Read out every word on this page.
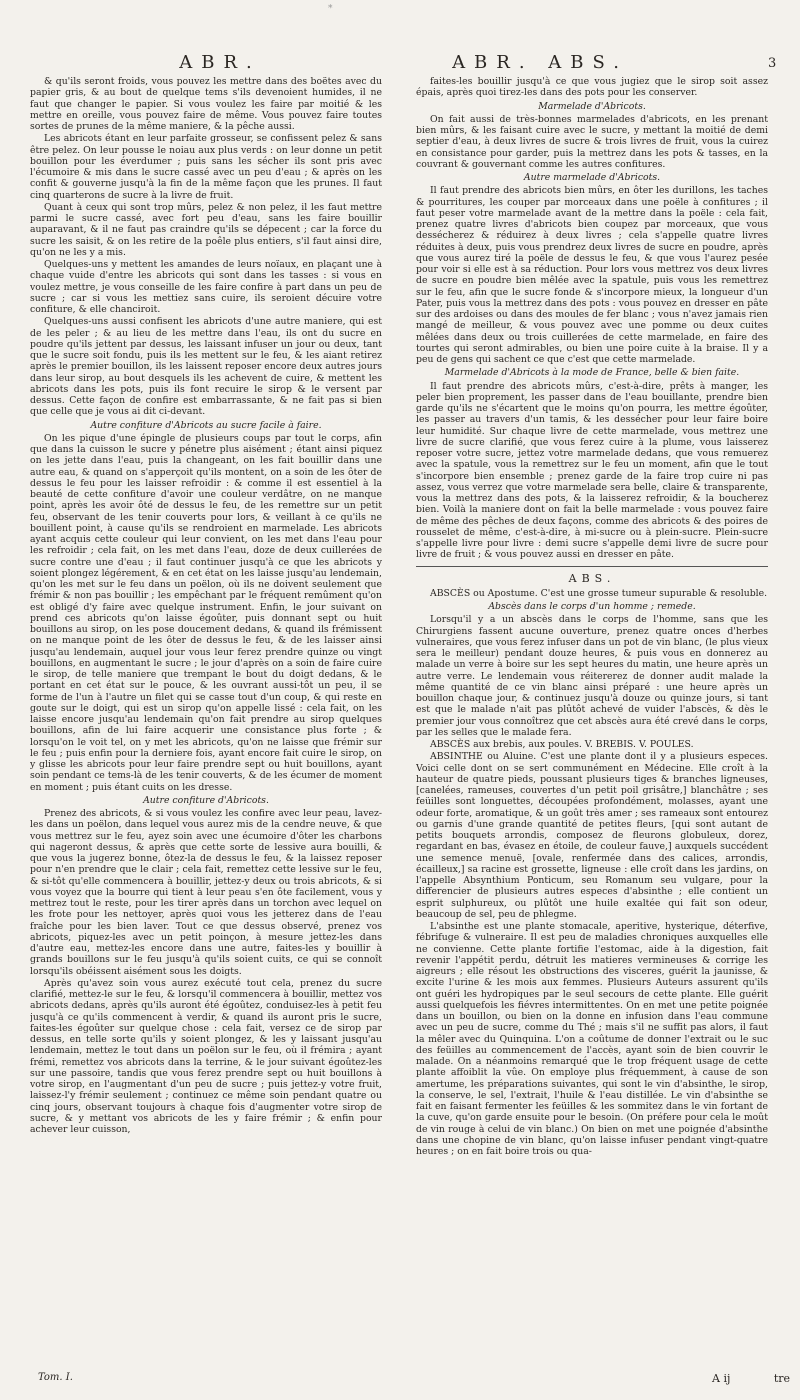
*
ABR.	ABR. ABS.	3

& qu'ils seront froids, vous pouvez les mettre dans des boëtes avec du papier gris, & au bout de quelque tems s'ils devenoient humides, il ne faut que changer le papier. Si vous voulez les faire par moitié & les mettre en oreille, vous pouvez faire de même. Vous pouvez faire toutes sortes de prunes de la même maniere, & la pêche aussi.

Les abricots étant en leur parfaite grosseur, se confissent pelez & sans être pelez. On leur pousse le noiau aux plus verds : on leur donne un petit bouillon pour les éverdumer ; puis sans les sécher ils sont pris avec l'écumoire & mis dans le sucre cassé avec un peu d'eau ; & après on les confit & gouverne jusqu'à la fin de la même façon que les prunes. Il faut cinq quarterons de sucre à la livre de fruit.

Quant à ceux qui sont trop mûrs, pelez & non pelez, il les faut mettre parmi le sucre cassé, avec fort peu d'eau, sans les faire bouillir auparavant, & il ne faut pas craindre qu'ils se dépecent ; car la force du sucre les saisit, & on les retire de la poêle plus entiers, s'il faut ainsi dire, qu'on ne les y a mis.

Quelques-uns y mettent les amandes de leurs noïaux, en plaçant une à chaque vuide d'entre les abricots qui sont dans les tasses : si vous en voulez mettre, je vous conseille de les faire confire à part dans un peu de sucre ; car si vous les mettiez sans cuire, ils seroient décuire votre confiture, & elle chanciroit.

Quelques-uns aussi confisent les abricots d'une autre maniere, qui est de les peler ; & au lieu de les mettre dans l'eau, ils ont du sucre en poudre qu'ils jettent par dessus, les laissant infuser un jour ou deux, tant que le sucre soit fondu, puis ils les mettent sur le feu, & les aiant retirez après le premier bouillon, ils les laissent reposer encore deux autres jours dans leur sirop, au bout desquels ils les achevent de cuire, & mettent les abricots dans les pots, puis ils font recuire le sirop & le versent par dessus. Cette façon de confire est embarrassante, & ne fait pas si bien que celle que je vous ai dit ci-devant.

Autre confiture d'Abricots au sucre facile à faire.

On les pique d'une épingle de plusieurs coups par tout le corps, afin que dans la cuisson le sucre y pénetre plus aisément ; étant ainsi piquez on les jette dans l'eau, puis la changeant, on les fait bouillir dans une autre eau, & quand on s'apperçoit qu'ils montent, on a soin de les ôter de dessus le feu pour les laisser refroidir : & comme il est essentiel à la beauté de cette confiture d'avoir une couleur verdâtre, on ne manque point, après les avoir ôté de dessus le feu, de les remettre sur un petit feu, observant de les tenir couverts pour lors, & veillant à ce qu'ils ne bouillent point, à cause qu'ils se rendroient en marmelade. Les abricots ayant acquis cette couleur qui leur convient, on les met dans l'eau pour les refroidir ; cela fait, on les met dans l'eau, doze de deux cuillerées de sucre contre une d'eau ; il faut continuer jusqu'à ce que les abricots y soient plongez légérement, & en cet état on les laisse jusqu'au lendemain, qu'on les met sur le feu dans un poëlon, où ils ne doivent seulement que frémir & non pas bouillir ; les empêchant par le fréquent remûment qu'on est obligé d'y faire avec quelque instrument. Enfin, le jour suivant on prend ces abricots qu'on laisse égoûter, puis donnant sept ou huit bouillons au sirop, on les pose doucement dedans, & quand ils frémissent on ne manque point de les ôter de dessus le feu, & de les laisser ainsi jusqu'au lendemain, auquel jour vous leur ferez prendre quinze ou vingt bouillons, en augmentant le sucre ; le jour d'après on a soin de faire cuire le sirop, de telle maniere que trempant le bout du doigt dedans, & le portant en cet état sur le pouce, & les ouvrant aussi-tôt un peu, il se forme de l'un à l'autre un filet qui se casse tout d'un coup, & qui reste en goute sur le doigt, qui est un sirop qu'on appelle lissé : cela fait, on les laisse encore jusqu'au lendemain qu'on fait prendre au sirop quelques bouillons, afin de lui faire acquerir une consistance plus forte ; & lorsqu'on le voit tel, on y met les abricots, qu'on ne laisse que frémir sur le feu ; puis enfin pour la derniere fois, ayant encore fait cuire le sirop, on y glisse les abricots pour leur faire prendre sept ou huit bouillons, ayant soin pendant ce tems-là de les tenir couverts, & de les écumer de moment en moment ; puis étant cuits on les dresse.

Autre confiture d'Abricots.

Prenez des abricots, & si vous voulez les confire avec leur peau, lavez-les dans un poëlon, dans lequel vous aurez mis de la cendre neuve, & que vous mettrez sur le feu, ayez soin avec une écumoire d'ôter les charbons qui nageront dessus, & après que cette sorte de lessive aura bouilli, & que vous la jugerez bonne, ôtez-la de dessus le feu, & la laissez reposer pour n'en prendre que le clair ; cela fait, remettez cette lessive sur le feu, & si-tôt qu'elle commencera à bouillir, jettez-y deux ou trois abricots, & si vous voyez que la bourre qui tient à leur peau s'en ôte facilement, vous y mettrez tout le reste, pour les tirer après dans un torchon avec lequel on les frote pour les nettoyer, après quoi vous les jetterez dans de l'eau fraîche pour les bien laver. Tout ce que dessus observé, prenez vos abricots, piquez-les avec un petit poinçon, à mesure jettez-les dans d'autre eau, mettez-les encore dans une autre, faites-les y bouillir à grands bouillons sur le feu jusqu'à qu'ils soient cuits, ce qui se connoît lorsqu'ils obéissent aisément sous les doigts.

Après qu'avez soin vous aurez exécuté tout cela, prenez du sucre clarifié, mettez-le sur le feu, & lorsqu'il commencera à bouillir, mettez vos abricots dedans, après qu'ils auront été égoûtez, conduisez-les à petit feu jusqu'à ce qu'ils commencent à verdir, & quand ils auront pris le sucre, faites-les égoûter sur quelque chose : cela fait, versez ce de sirop par dessus, en telle sorte qu'ils y soient plongez, & les y laissant jusqu'au lendemain, mettez le tout dans un poëlon sur le feu, où il frémira ; ayant frémi, remettez vos abricots dans la terrine, & le jour suivant égoûtez-les sur une passoire, tandis que vous ferez prendre sept ou huit bouillons à votre sirop, en l'augmentant d'un peu de sucre ; puis jettez-y votre fruit, laissez-l'y frémir seulement ; continuez ce même soin pendant quatre ou cinq jours, observant toujours à chaque fois d'augmenter votre sirop de sucre, & y mettant vos abricots de les y faire frémir ; & enfin pour achever leur cuisson,

faites-les bouillir jusqu'à ce que vous jugiez que le sirop soit assez épais, après quoi tirez-les dans des pots pour les conserver.

Marmelade d'Abricots.

On fait aussi de très-bonnes marmelades d'abricots, en les prenant bien mûrs, & les faisant cuire avec le sucre, y mettant la moitié de demi septier d'eau, à deux livres de sucre & trois livres de fruit, vous la cuirez en consistance pour garder, puis la mettrez dans les pots & tasses, en la couvrant & gouvernant comme les autres confitures.

Autre marmelade d'Abricots.

Il faut prendre des abricots bien mûrs, en ôter les durillons, les taches & pourritures, les couper par morceaux dans une poële à confitures ; il faut peser votre marmelade avant de la mettre dans la poële : cela fait, prenez quatre livres d'abricots bien coupez par morceaux, que vous dessécherez & réduirez à deux livres ; cela s'appelle quatre livres réduites à deux, puis vous prendrez deux livres de sucre en poudre, après que vous aurez tiré la poële de dessus le feu, & que vous l'aurez pesée pour voir si elle est à sa réduction. Pour lors vous mettrez vos deux livres de sucre en poudre bien mêlée avec la spatule, puis vous les remettrez sur le feu, afin que le sucre fonde & s'incorpore mieux, la longueur d'un Pater, puis vous la mettrez dans des pots : vous pouvez en dresser en pâte sur des ardoises ou dans des moules de fer blanc ; vous n'avez jamais rien mangé de meilleur, & vous pouvez avec une pomme ou deux cuites mêlées dans deux ou trois cuillerées de cette marmelade, en faire des tourtes qui seront admirables, ou bien une poire cuite à la braise. Il y a peu de gens qui sachent ce que c'est que cette marmelade.

Marmelade d'Abricots à la mode de France, belle & bien faite.

Il faut prendre des abricots mûrs, c'est-à-dire, prêts à manger, les peler bien proprement, les passer dans de l'eau bouillante, prendre bien garde qu'ils ne s'écartent que le moins qu'on pourra, les mettre égoûter, les passer au travers d'un tamis, & les dessécher pour leur faire boire leur humidité. Sur chaque livre de cette marmelade, vous mettrez une livre de sucre clarifié, que vous ferez cuire à la plume, vous laisserez reposer votre sucre, jettez votre marmelade dedans, que vous remuerez avec la spatule, vous la remettrez sur le feu un moment, afin que le tout s'incorpore bien ensemble ; prenez garde de la faire trop cuire ni pas assez, vous verrez que votre marmelade sera belle, claire & transparente, vous la mettrez dans des pots, & la laisserez refroidir, & la boucherez bien. Voilà la maniere dont on fait la belle marmelade : vous pouvez faire de même des pêches de deux façons, comme des abricots & des poires de rousselet de même, c'est-à-dire, à mi-sucre ou à plein-sucre. Plein-sucre s'appelle livre pour livre : demi sucre s'appelle demi livre de sucre pour livre de fruit ; & vous pouvez aussi en dresser en pâte.

ABS.

ABSCÈS ou Apostume. C'est une grosse tumeur supurable & resoluble.

Abscès dans le corps d'un homme ; remede.

Lorsqu'il y a un abscès dans le corps de l'homme, sans que les Chirurgiens fassent aucune ouverture, prenez quatre onces d'herbes vulneraires, que vous ferez infuser dans un pot de vin blanc, (le plus vieux sera le meilleur) pendant douze heures, & puis vous en donnerez au malade un verre à boire sur les sept heures du matin, une heure après un autre verre. Le lendemain vous réitererez de donner audit malade la même quantité de ce vin blanc ainsi préparé : une heure après un bouillon chaque jour, & continuez jusqu'à douze ou quinze jours, si tant est que le malade n'ait pas plûtôt achevé de vuider l'abscès, & dès le premier jour vous connoîtrez que cet abscès aura été crevé dans le corps, par les selles que le malade fera.

ABSCÈS aux brebis, aux poules. V. BREBIS. V. POULES.

ABSINTHE ou Aluine. C'est une plante dont il y a plusieurs especes. Voici celle dont on se sert communément en Médecine. Elle croît à la hauteur de quatre pieds, poussant plusieurs tiges & branches ligneuses, [canelées, rameuses, couvertes d'un petit poil grisâtre,] blanchâtre ; ses feüilles sont longuettes, découpées profondément, molasses, ayant une odeur forte, aromatique, & un goût très amer ; ses rameaux sont entourez ou garnis d'une grande quantité de petites fleurs, [qui sont autant de petits bouquets arrondis, composez de fleurons globuleux, dorez, regardant en bas, évasez en étoile, de couleur fauve,] auxquels succédent une semence menuë, [ovale, renfermée dans des calices, arrondis, écailleux,] sa racine est grossette, ligneuse : elle croît dans les jardins, on l'appelle Absynthium Ponticum, seu Romanum seu vulgare, pour la differencier de plusieurs autres especes d'absinthe ; elle contient un esprit sulphureux, ou plûtôt une huile exaltée qui fait son odeur, beaucoup de sel, peu de phlegme.

L'absinthe est une plante stomacale, aperitive, hysterique, déterfive, fébrifuge & vulneraire. Il est peu de maladies chroniques auxquelles elle ne convienne. Cette plante fortifie l'estomac, aide à la digestion, fait revenir l'appétit perdu, détruit les matieres vermineuses & corrige les aigreurs ; elle résout les obstructions des visceres, guérit la jaunisse, & excite l'urine & les mois aux femmes. Plusieurs Auteurs assurent qu'ils ont guéri les hydropiques par le seul secours de cette plante. Elle guérit aussi quelquefois les fiévres intermittentes. On en met une petite poignée dans un bouillon, ou bien on la donne en infusion dans l'eau commune avec un peu de sucre, comme du Thé ; mais s'il ne suffit pas alors, il faut la mêler avec du Quinquina. L'on a coûtume de donner l'extrait ou le suc des feüilles au commencement de l'accès, ayant soin de bien couvrir le malade. On a néanmoins remarqué que le trop fréquent usage de cette plante affoiblit la vûe. On employe plus fréquemment, à cause de son amertume, les préparations suivantes, qui sont le vin d'absinthe, le sirop, la conserve, le sel, l'extrait, l'huile & l'eau distillée. Le vin d'absinthe se fait en faisant fermenter les feüilles & les sommitez dans le vin fortant de la cuve, qu'on garde ensuite pour le besoin. (On préfere pour cela le moût de vin rouge à celui de vin blanc.) On bien on met une poignée d'absinthe dans une chopine de vin blanc, qu'on laisse infuser pendant vingt-quatre heures ; on en fait boire trois ou qua-

Tom. I.	A ij	tre
